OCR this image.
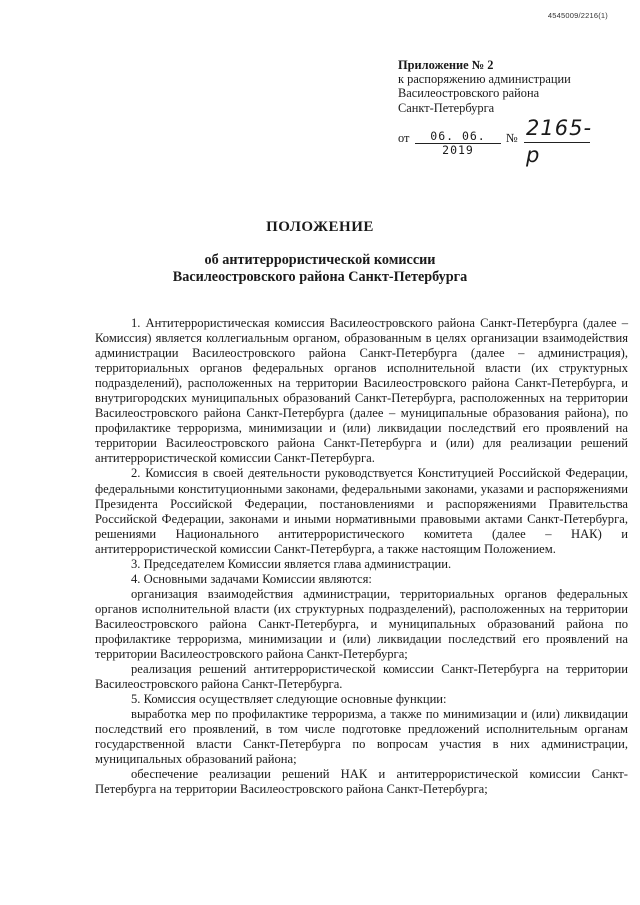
4545009/2216(1)
Приложение № 2
к распоряжению администрации
Василеостровского района
Санкт-Петербурга
от	06. 06. 2019
№ 2165-р
ПОЛОЖЕНИЕ
об антитеррористической комиссии
Василеостровского района Санкт-Петербурга

1. Антитеррористическая комиссия Василеостровского района Санкт-Петербурга (далее – Комиссия) является коллегиальным органом, образованным в целях организации взаимодействия администрации Василеостровского района Санкт-Петербурга (далее – администрация), территориальных органов федеральных органов исполнительной власти (их структурных подразделений), расположенных на территории Василеостровского района Санкт-Петербурга, и внутригородских муниципальных образований Санкт-Петербурга, расположенных на территории Василеостровского района Санкт-Петербурга (далее – муниципальные образования района), по профилактике терроризма, минимизации и (или) ликвидации последствий его проявлений на территории Василеостровского района Санкт-Петербурга и (или) для реализации решений антитеррористической комиссии Санкт-Петербурга.

2. Комиссия в своей деятельности руководствуется Конституцией Российской Федерации, федеральными конституционными законами, федеральными законами, указами и распоряжениями Президента Российской Федерации, постановлениями и распоряжениями Правительства Российской Федерации, законами и иными нормативными правовыми актами Санкт-Петербурга, решениями Национального антитеррористического комитета (далее – НАК) и антитеррористической комиссии Санкт-Петербурга, а также настоящим Положением.

3. Председателем Комиссии является глава администрации.

4. Основными задачами Комиссии являются:

организация взаимодействия администрации, территориальных органов федеральных органов исполнительной власти (их структурных подразделений), расположенных на территории Василеостровского района Санкт-Петербурга, и муниципальных образований района по профилактике терроризма, минимизации и (или) ликвидации последствий его проявлений на территории Василеостровского района Санкт-Петербурга;

реализация решений антитеррористической комиссии Санкт-Петербурга на территории Василеостровского района Санкт-Петербурга.

5. Комиссия осуществляет следующие основные функции:

выработка мер по профилактике терроризма, а также по минимизации и (или) ликвидации последствий его проявлений, в том числе подготовке предложений исполнительным органам государственной власти Санкт-Петербурга по вопросам участия в них администрации, муниципальных образований района;

обеспечение реализации решений НАК и антитеррористической комиссии Санкт-Петербурга на территории Василеостровского района Санкт-Петербурга;
